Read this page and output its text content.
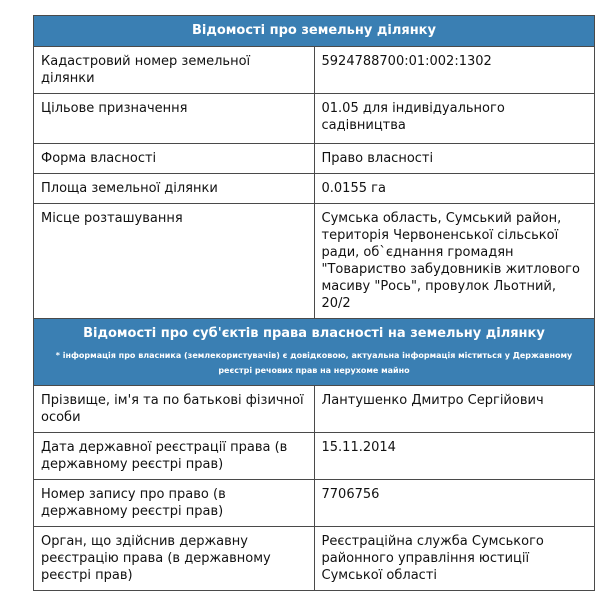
Відомості про земельну ділянку	
Кадастровий номер земельної ділянки	5924788700:01:002:1302
Цільове призначення	01.05 для індивідуального садівництва
Форма власності	Право власності
Площа земельної ділянки	0.0155 га
Місце розташування	Сумська область, Сумський район, територія Червоненської сільської ради, об`єднання громадян "Товариство забудовників житлового масиву "Рось", провулок Льотний, 20/2
Відомості про суб'єктів права власності на земельну ділянку
* інформація про власника (землекористувачів) є довідковою, актуальна інформація міститься у Державному реєстрі речових прав на нерухоме майно	

Прізвище, ім'я та по батькові фізичної особи	Лантушенко Дмитро Сергійович
Дата державної реєстрації права (в державному реєстрі прав)	15.11.2014
Номер запису про право (в державному реєстрі прав)	7706756
Орган, що здійснив державну реєстрацію права (в державному реєстрі прав)	Реєстраційна служба Сумського районного управління юстиції Сумської області
